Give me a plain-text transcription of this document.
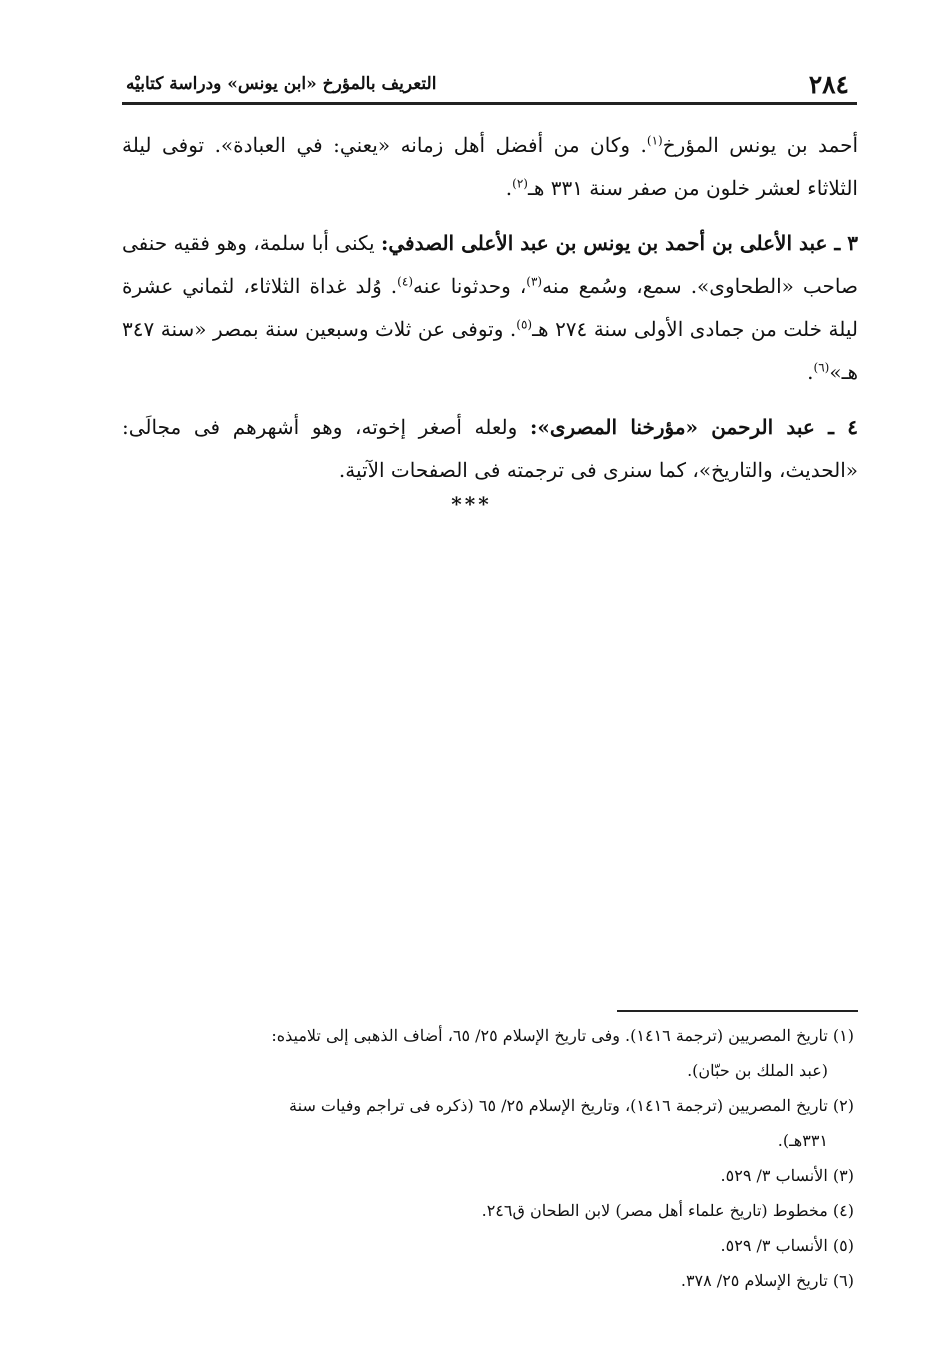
٢٨٤
التعريف بالمؤرخ «ابن يونس» ودراسة كتابيْه

أحمد بن يونس المؤرخ$^{(١)}$. وكان من أفضل أهل زمانه «يعني: في العبادة». توفى ليلة الثلاثاء لعشر خلون من صفر سنة ٣٣١ هـ$^{(٢)}$.

٣ ـ عبد الأعلى بن أحمد بن يونس بن عبد الأعلى الصدفي: يكنى أبا سلمة، وهو فقيه حنفى صاحب «الطحاوى». سمع، وسُمع منه$^{(٣)}$، وحدثونا عنه$^{(٤)}$. وُلد غداة الثلاثاء، لثماني عشرة ليلة خلت من جمادى الأولى سنة ٢٧٤ هـ$^{(٥)}$. وتوفى عن ثلاث وسبعين سنة بمصر «سنة ٣٤٧ هـ»$^{(٦)}$.

٤ ـ عبد الرحمن «مؤرخنا المصرى»: ولعله أصغر إخوته، وهو أشهرهم فى مجالَى: «الحديث، والتاريخ»، كما سنرى فى ترجمته فى الصفحات الآتية.

***

(١) تاريخ المصريين (ترجمة ١٤١٦). وفى تاريخ الإسلام ٢٥/ ٦٥، أضاف الذهبى إلى تلاميذه:
(عبد الملك بن حبّان).

(٢) تاريخ المصريين (ترجمة ١٤١٦)، وتاريخ الإسلام ٢٥/ ٦٥ (ذكره فى تراجم وفيات سنة
٣٣١هـ).

(٣) الأنساب ٣/ ٥٢٩.

(٤) مخطوط (تاريخ علماء أهل مصر) لابن الطحان ق٢٤٦.

(٥) الأنساب ٣/ ٥٢٩.

(٦) تاريخ الإسلام ٢٥/ ٣٧٨.
